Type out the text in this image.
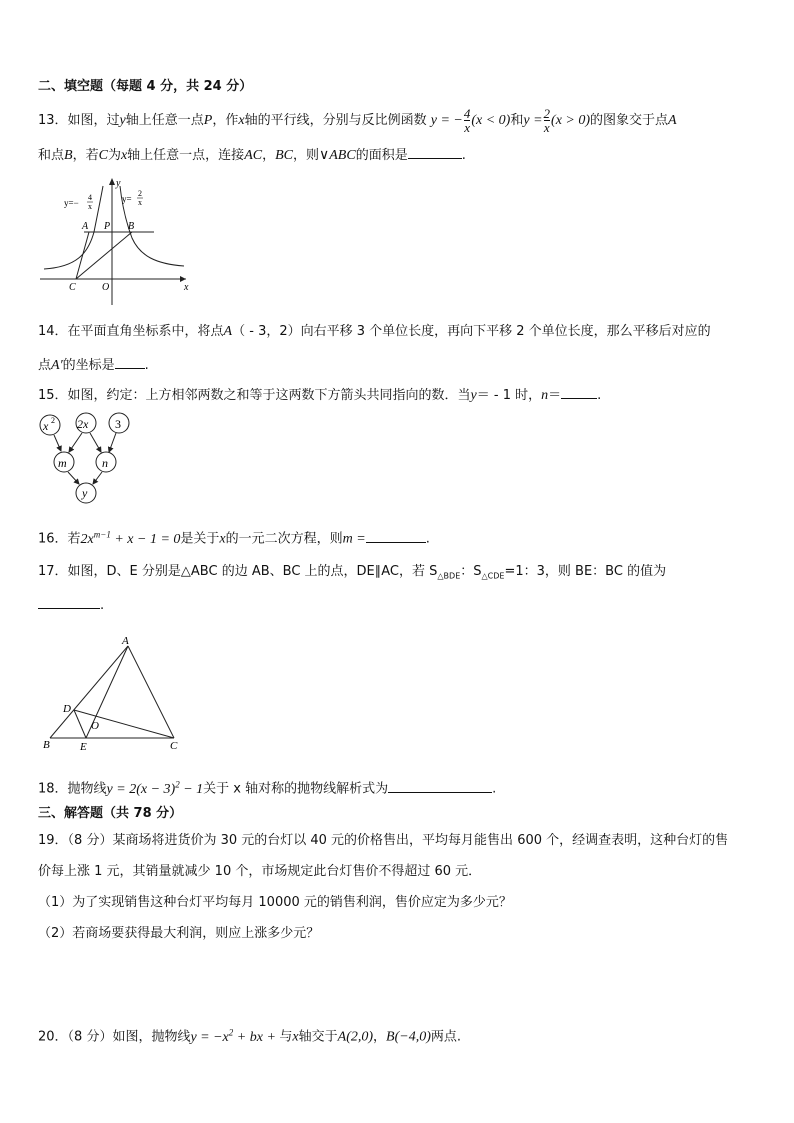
二、填空题（每题 4 分，共 24 分）
13．如图，过y轴上任意一点P，作x轴的平行线，分别与反比例函数 y = − $\frac{4}{x} (x < 0)$和$y = \frac{2}{x} (x > 0)$的图象交于点A
和点B，若C为x轴上任意一点，连接AC，BC，则∨ABC的面积是	.
y=−
4
x
y=
2
x
y
x
A P B
C	O
14．在平面直角坐标系中，将点A（ - 3，2）向右平移 3 个单位长度，再向下平移 2 个单位长度，那么平移后对应的
点A′的坐标是 .
15．如图，约定：上方相邻两数之和等于这两数下方箭头共同指向的数．当y＝ - 1 时，n＝	.
x 2 2x 3
m	n
y
16．若$2x^{m-1} + x - 1 = 0$是关于x的一元二次方程，则m =	.
17．如图，D、E 分别是△ABC 的边 AB、BC 上的点，DE∥AC，若 $S_{\triangle BDE}$：$S_{\triangle CDE}=1$：3，则 BE：BC 的值为
.
A
D
O
B	E	C
18．抛物线$y = 2(x - 3)^2 - 1$关于 x 轴对称的抛物线解析式为	.
三、解答题（共 78 分）
19．（8 分）某商场将进货价为 30 元的台灯以 40 元的价格售出，平均每月能售出 600 个，经调查表明，这种台灯的售
价每上涨 1 元，其销量就减少 10 个，市场规定此台灯售价不得超过 60 元．
（1）为了实现销售这种台灯平均每月 10000 元的销售利润，售价应定为多少元？
（2）若商场要获得最大利润，则应上涨多少元？
20．（8 分）如图，抛物线$y = -x^2$ + bx + 与x轴交于A(2,0)，B(−4,0)两点.
